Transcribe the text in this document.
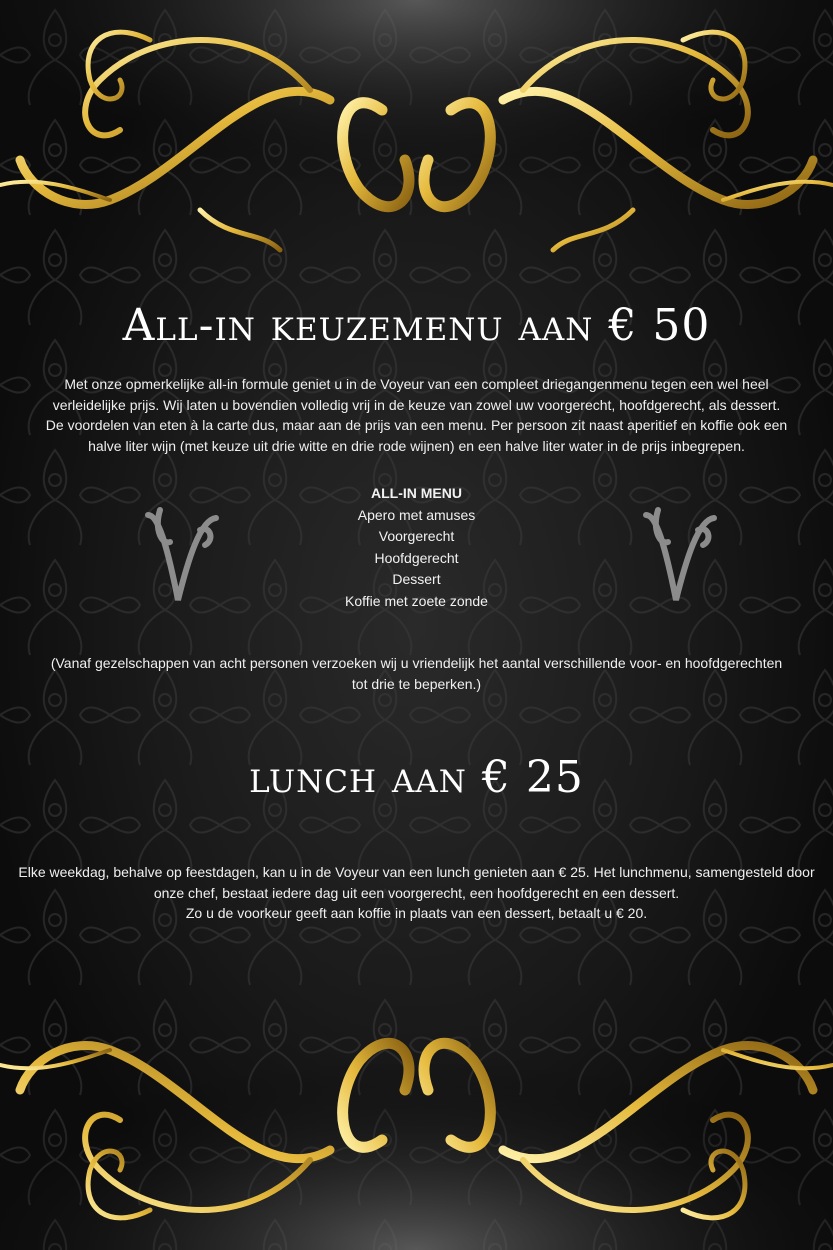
All-in keuzemenu aan € 50
Met onze opmerkelijke all-in formule geniet u in de Voyeur van een compleet driegangenmenu tegen een wel heel
verleidelijke prijs. Wij laten u bovendien volledig vrij in de keuze van zowel uw voorgerecht, hoofdgerecht, als dessert.
De voordelen van eten à la carte dus, maar aan de prijs van een menu. Per persoon zit naast aperitief en koffie ook een
halve liter wijn (met keuze uit drie witte en drie rode wijnen) en een halve liter water in de prijs inbegrepen.
ALL-IN MENU
Apero met amuses
Voorgerecht
Hoofdgerecht
Dessert
Koffie met zoete zonde
(Vanaf gezelschappen van acht personen verzoeken wij u vriendelijk het aantal verschillende voor- en hoofdgerechten
tot drie te beperken.)
lunch aan € 25
Elke weekdag, behalve op feestdagen, kan u in de Voyeur van een lunch genieten aan € 25. Het lunchmenu, samengesteld door
onze chef, bestaat iedere dag uit een voorgerecht, een hoofdgerecht en een dessert.
Zo u de voorkeur geeft aan koffie in plaats van een dessert, betaalt u € 20.
